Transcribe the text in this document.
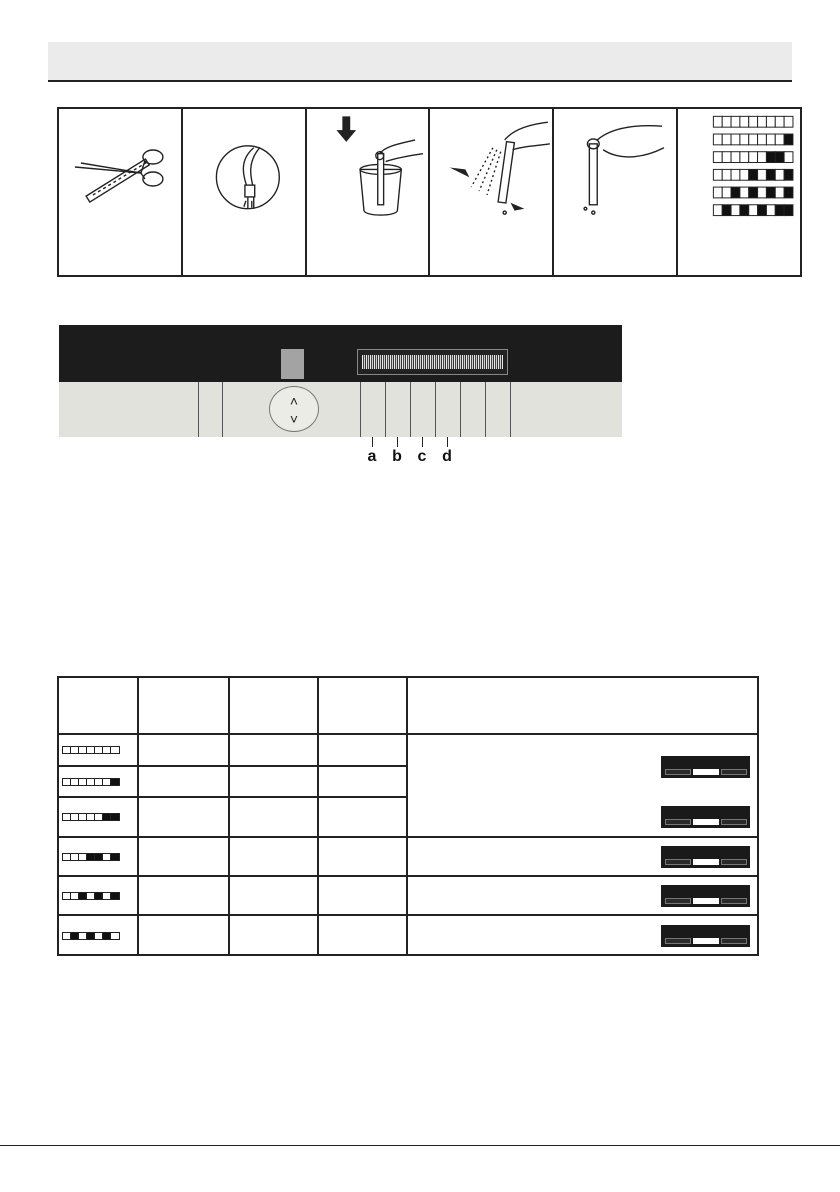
˄
˅
a b c d
